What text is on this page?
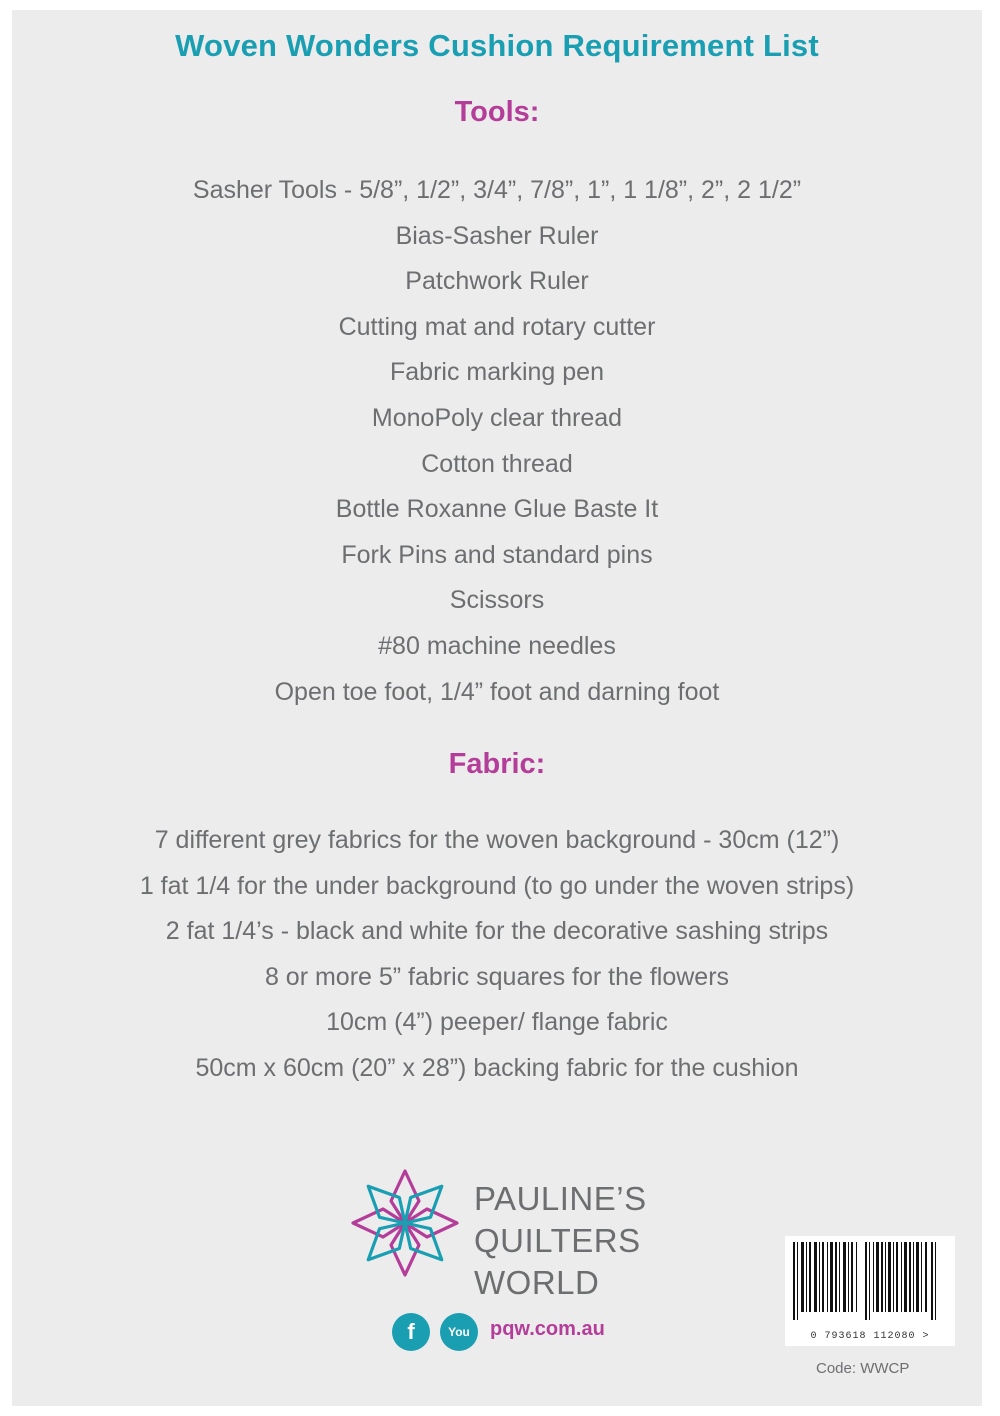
Woven Wonders Cushion Requirement List
Tools:
Sasher Tools - 5/8”, 1/2”, 3/4”, 7/8”, 1”, 1 1/8”, 2”, 2 1/2”
Bias-Sasher Ruler
Patchwork Ruler
Cutting mat and rotary cutter
Fabric marking pen
MonoPoly clear thread
Cotton thread
Bottle Roxanne Glue Baste It
Fork Pins and standard pins
Scissors
#80 machine needles
Open toe foot, 1/4” foot and darning foot
Fabric:
7 different grey fabrics for the woven background - 30cm (12”)
1 fat 1/4 for the under background (to go under the woven strips)
2 fat 1/4’s - black and white for the decorative sashing strips
8 or more 5” fabric squares for the flowers
10cm (4”) peeper/ flange fabric
50cm x 60cm (20” x 28”) backing fabric for the cushion
PAULINE’S
QUILTERS
WORLD
f	You	pqw.com.au	0 793618 112080 >
Code: WWCP
